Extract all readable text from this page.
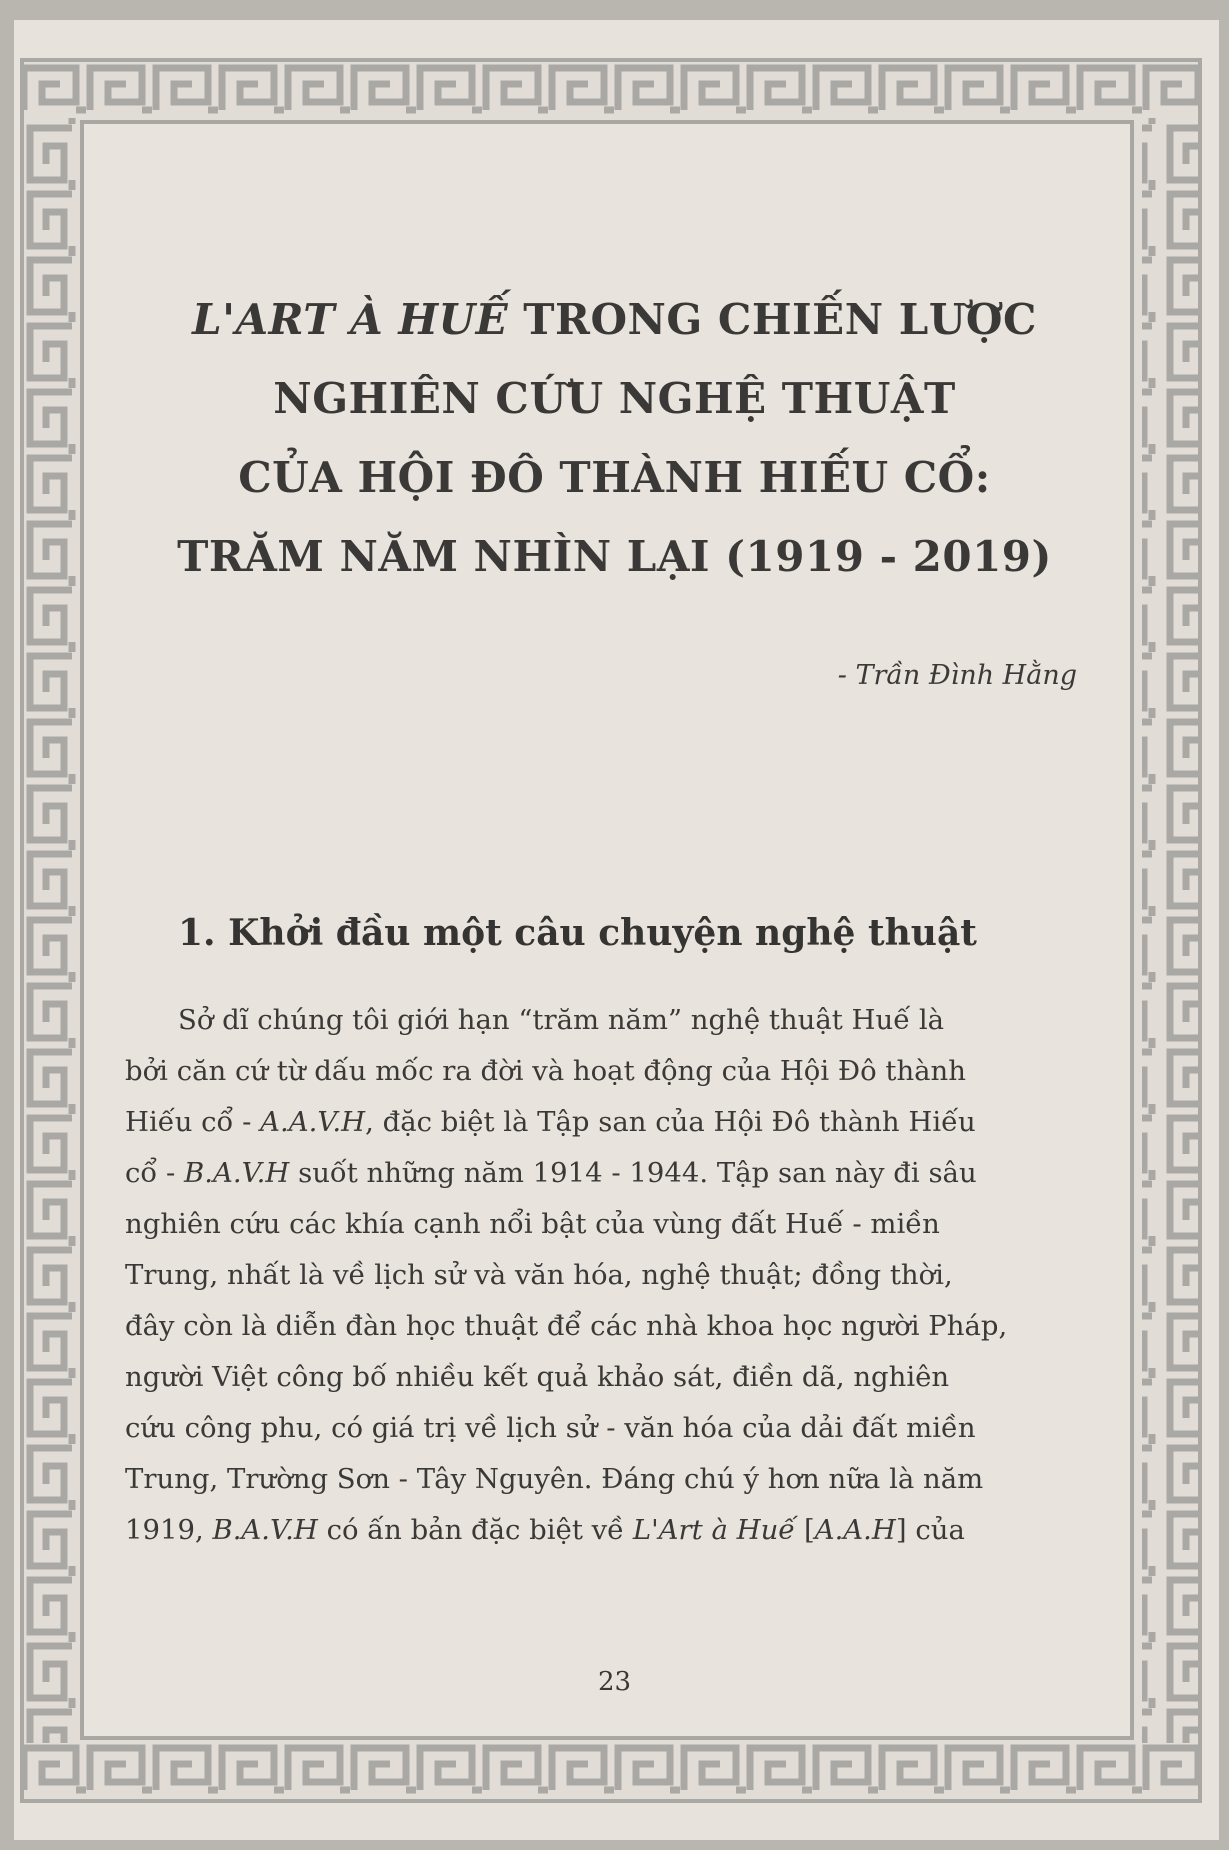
L'ART À HUẾ TRONG CHIẾN LƯỢC
NGHIÊN CỨU NGHỆ THUẬT
CỦA HỘI ĐÔ THÀNH HIẾU CỔ:
TRĂM NĂM NHÌN LẠI (1919 - 2019)
- Trần Đình Hằng
1. Khởi đầu một câu chuyện nghệ thuật
Sở dĩ chúng tôi giới hạn “trăm năm” nghệ thuật Huế là
bởi căn cứ từ dấu mốc ra đời và hoạt động của Hội Đô thành
Hiếu cổ - A.A.V.H, đặc biệt là Tập san của Hội Đô thành Hiếu
cổ - B.A.V.H suốt những năm 1914 - 1944. Tập san này đi sâu
nghiên cứu các khía cạnh nổi bật của vùng đất Huế - miền
Trung, nhất là về lịch sử và văn hóa, nghệ thuật; đồng thời,
đây còn là diễn đàn học thuật để các nhà khoa học người Pháp,
người Việt công bố nhiều kết quả khảo sát, điền dã, nghiên
cứu công phu, có giá trị về lịch sử - văn hóa của dải đất miền
Trung, Trường Sơn - Tây Nguyên. Đáng chú ý hơn nữa là năm
1919, B.A.V.H có ấn bản đặc biệt về L'Art à Huế [A.A.H] của
23
